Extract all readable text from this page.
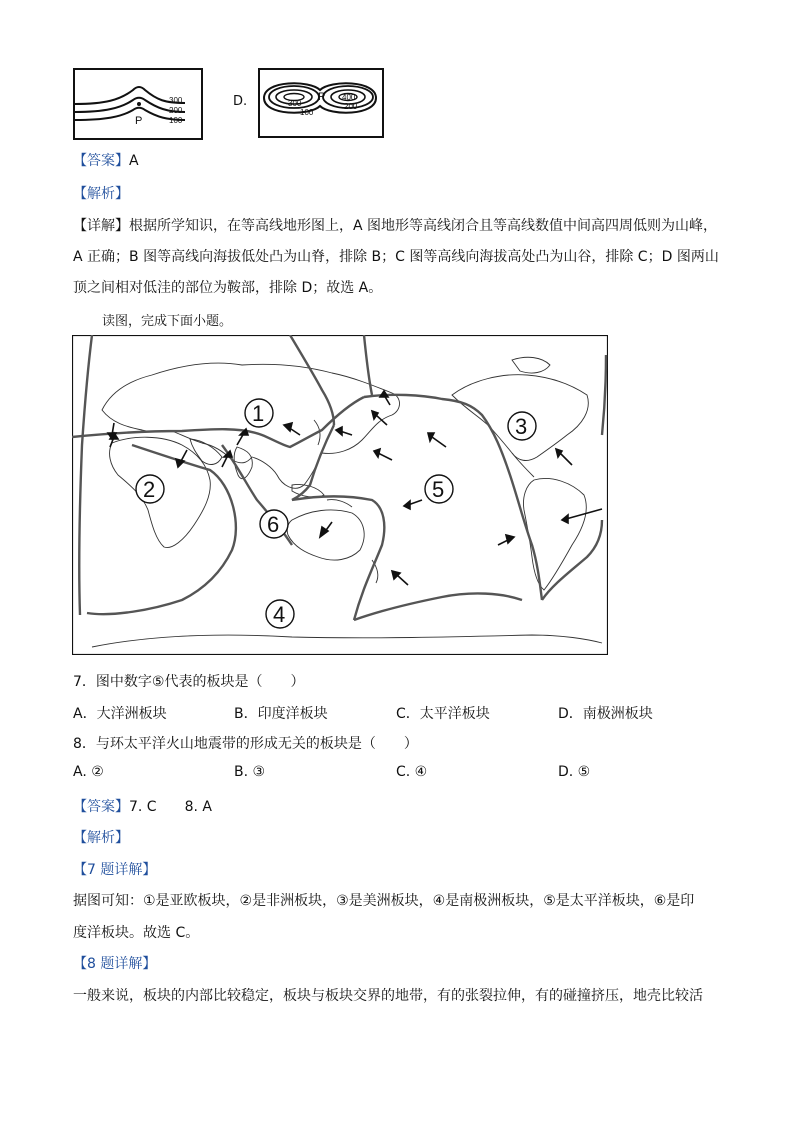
300
200
100
P
D.	300
P 400
200
100
【答案】A
【解析】
【详解】根据所学知识，在等高线地形图上，A 图地形等高线闭合且等高线数值中间高四周低则为山峰，
A 正确；B 图等高线向海拔低处凸为山脊，排除 B；C 图等高线向海拔高处凸为山谷，排除 C；D 图两山
顶之间相对低洼的部位为鞍部，排除 D；故选 A。
读图，完成下面小题。
1
2
3
4
5
6
7．图中数字⑤代表的板块是（　　）
A．大洋洲板块	B．印度洋板块	C．太平洋板块	D．南极洲板块
8．与环太平洋火山地震带的形成无关的板块是（　　）
A. ②	B. ③	C. ④	D. ⑤
【答案】7. C　　8. A
【解析】
【7 题详解】
据图可知：①是亚欧板块，②是非洲板块，③是美洲板块，④是南极洲板块，⑤是太平洋板块，⑥是印
度洋板块。故选 C。
【8 题详解】
一般来说，板块的内部比较稳定，板块与板块交界的地带，有的张裂拉伸，有的碰撞挤压，地壳比较活
